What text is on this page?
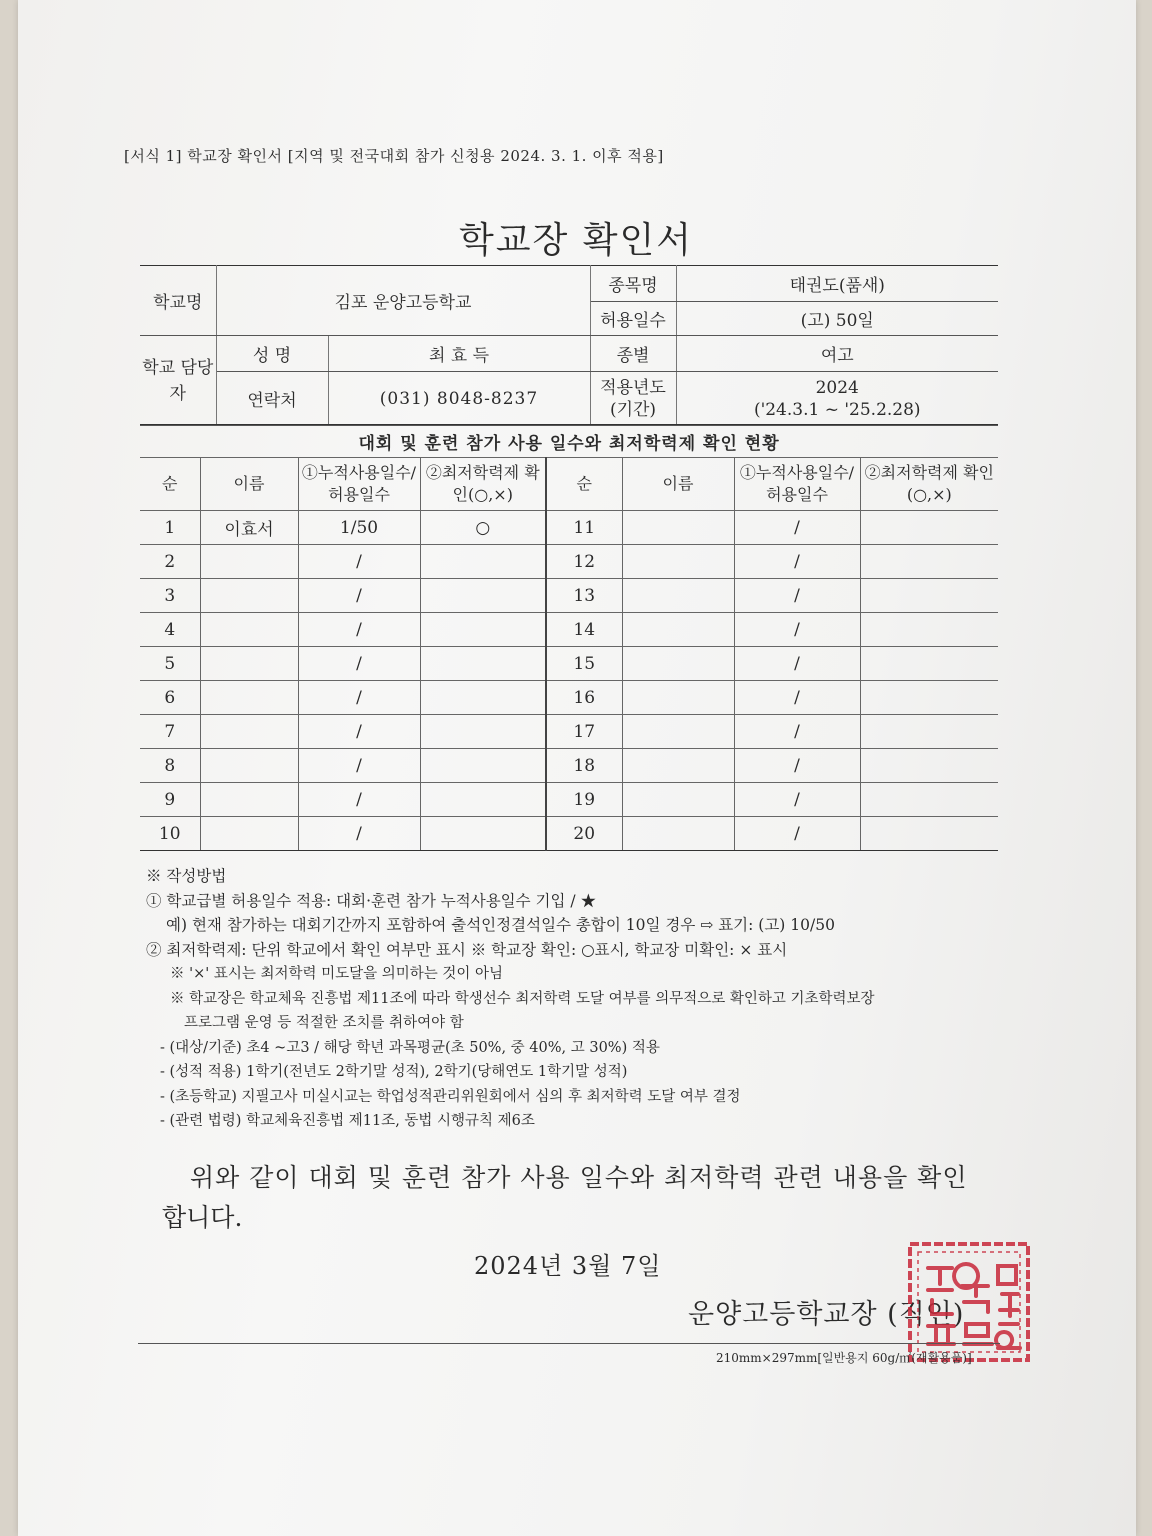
[서식 1] 학교장 확인서 [지역 및 전국대회 참가 신청용 2024. 3. 1. 이후 적용]
학교장 확인서
학교명	김포 운양고등학교		종목명	태권도(품새)
			허용일수	(고) 50일
학교 담당자	성 명	최 효 득	종별	여고
	연락처	(031) 8048-8237	적용년도 (기간)	2024
('24.3.1 ~ '25.2.28)
대회 및 훈련 참가 사용 일수와 최저학력제 확인 현황							
순	이름	①누적사용일수/ 허용일수	②최저학력제 확인(○,×)	순	이름	①누적사용일수/ 허용일수	②최저학력제 확인(○,×)
1	이효서	1/50	○	11		/	
2		/		12		/	
3		/		13		/	
4		/		14		/	
5		/		15		/	
6		/		16		/	
7		/		17		/	
8		/		18		/	
9		/		19		/	
10		/		20		/	
※ 작성방법
① 학교급별 허용일수 적용: 대회·훈련 참가 누적사용일수 기입 / ★
예) 현재 참가하는 대회기간까지 포함하여 출석인정결석일수 총합이 10일 경우 ⇨ 표기: (고) 10/50
② 최저학력제: 단위 학교에서 확인 여부만 표시 ※ 학교장 확인: ○표시, 학교장 미확인: × 표시
※ '×' 표시는 최저학력 미도달을 의미하는 것이 아님
※ 학교장은 학교체육 진흥법 제11조에 따라 학생선수 최저학력 도달 여부를 의무적으로 확인하고 기초학력보장
프로그램 운영 등 적절한 조치를 취하여야 함
- (대상/기준) 초4 ~고3 / 해당 학년 과목평균(초 50%, 중 40%, 고 30%) 적용
- (성적 적용) 1학기(전년도 2학기말 성적), 2학기(당해연도 1학기말 성적)
- (초등학교) 지필고사 미실시교는 학업성적관리위원회에서 심의 후 최저학력 도달 여부 결정
- (관련 법령) 학교체육진흥법 제11조, 동법 시행규칙 제6조
위와 같이 대회 및 훈련 참가 사용 일수와 최저학력 관련 내용을 확인
합니다.
2024년 3월 7일
운양고등학교장 (직인)
210mm×297mm[일반용지 60g/㎡(재활용품)]
